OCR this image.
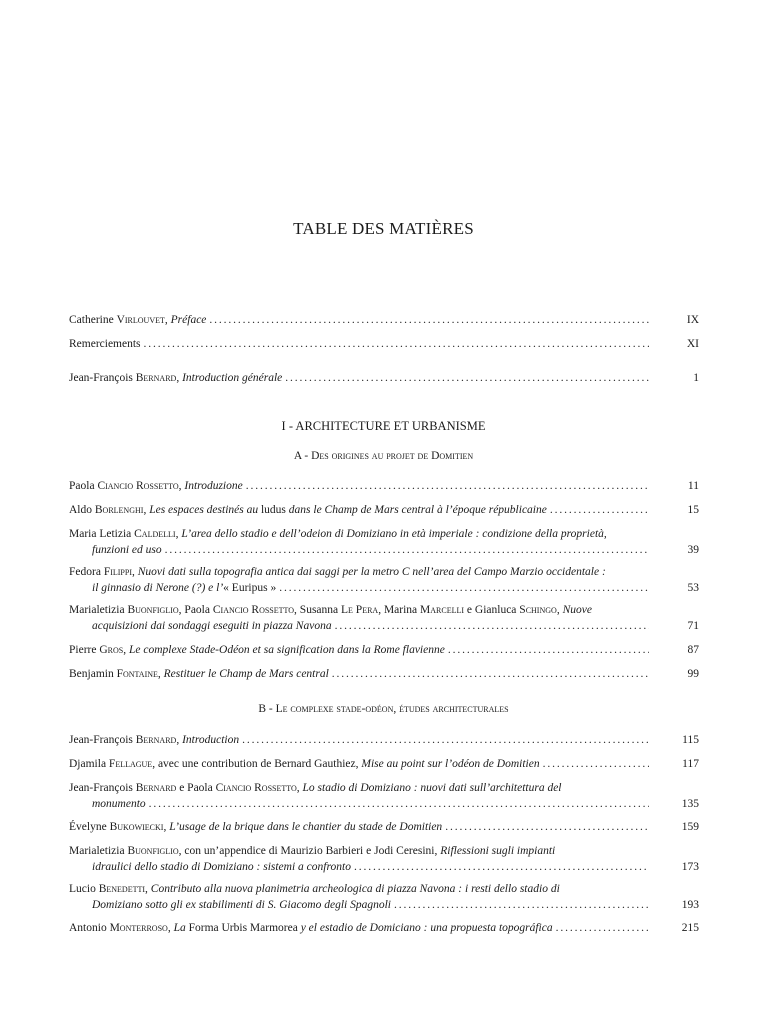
TABLE DES MATIÈRES
Catherine Virlouvet, Préface . . .	IX
Remerciements . . .	XI
Jean-François Bernard, Introduction générale . . .	1
I - ARCHITECTURE ET URBANISME
A - Des origines au projet de Domitien
Paola Ciancio Rossetto, Introduzione . . .	11
Aldo Borlenghi, Les espaces destinés au ludus dans le Champ de Mars central à l’époque républicaine . . .	15
Maria Letizia Caldelli, L’area dello stadio e dell’odeion di Domiziano in età imperiale : condizione della proprietà,
funzioni ed uso . . .	39
Fedora Filippi, Nuovi dati sulla topografia antica dai saggi per la metro C nell’area del Campo Marzio occidentale :
il ginnasio di Nerone (?) e l’« Euripus » . . .	53
Marialetizia Buonfiglio, Paola Ciancio Rossetto, Susanna Le Pera, Marina Marcelli e Gianluca Schingo, Nuove
acquisizioni dai sondaggi eseguiti in piazza Navona . . .	71
Pierre Gros, Le complexe Stade-Odéon et sa signification dans la Rome flavienne . . .	87
Benjamin Fontaine, Restituer le Champ de Mars central . . .	99
B - Le complexe stade-odéon, études architecturales
Jean-François Bernard, Introduction . . .	115
Djamila Fellague, avec une contribution de Bernard Gauthiez, Mise au point sur l’odéon de Domitien . . .	117
Jean-François Bernard e Paola Ciancio Rossetto, Lo stadio di Domiziano : nuovi dati sull’architettura del
monumento . . .	135
Évelyne Bukowiecki, L’usage de la brique dans le chantier du stade de Domitien . . .	159
Marialetizia Buonfiglio, con un’appendice di Maurizio Barbieri e Jodi Ceresini, Riflessioni sugli impianti
idraulici dello stadio di Domiziano : sistemi a confronto . . .	173
Lucio Benedetti, Contributo alla nuova planimetria archeologica di piazza Navona : i resti dello stadio di
Domiziano sotto gli ex stabilimenti di S. Giacomo degli Spagnoli . . .	193
Antonio Monterroso, La Forma Urbis Marmorea y el estadio de Domiciano : una propuesta topográfica . . .	215
